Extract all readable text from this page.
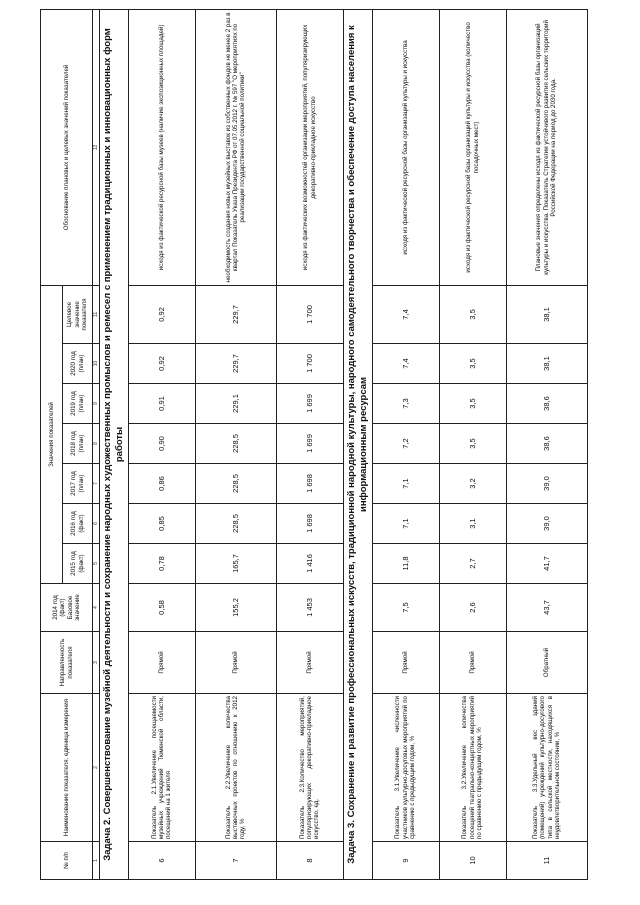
№ п/п	Наименование показателя, единица измерения	Направленность показателя	2014 год (факт) Базовое значение	Значения показателей							Обоснование плановых и целевых значений показателей
				2015 год (факт)	2016 год (факт)	2017 год (план)	2018 год (план)	2019 год (план)	2020 год (план)	Целевое значение показателя	
1	2	3	4	5	6	7	8	9	10	11	12
Задача 2. Совершенствование музейной деятельности и сохранение народных художественных промыслов и ремесел с применением традиционных и инновационных форм работы											
6	Показатель 2.1.Увеличение посещаемости музейных учреждений Тюменской области, посещений на 1 жителя	Прямой	0,58	0,78	0,85	0,86	0,90	0,91	0,92	0,92	исходя из фактической ресурсной базы музеев (наличие экспозиционных площадей)
7	Показатель 2.2.Увеличение количества выставочных проектов по отношению к 2012 году, %	Прямой	155,2	165,7	228,5	228,5	228,5	229,1	229,7	229,7	необходимость создания новых музейных выставок из собственных фондов не менее 2 раз в квартал Показатель Указа Президента РФ от 07.05.2012 г. № 597 "О мероприятиях по реализации государственной социальной политики"
8	Показатель 2.3.Количество мероприятий, популяризирующих декоративно-прикладное искусство, ед.	Прямой	1 453	1 416	1 698	1 698	1 699	1 699	1 700	1 700	исходя из фактических возможностей организации мероприятий, популяризирующих декоративно-прикладное искусство
Задача 3. Сохранение и развитие профессиональных искусств, традиционной народной культуры, народного самодеятельного творчества и обеспечение доступа населения к информационным ресурсам											
9	Показатель 3.1.Увеличение численности участников культурно-досуговых мероприятий по сравнению с предыдущим годом, %	Прямой	7,5	11,8	7,1	7,1	7,2	7,3	7,4	7,4	исходя из фактической ресурсной базы организаций культуры и искусства
10	Показатель 3.2.Увеличение количества посещений театрально-концертных мероприятий по сравнению с предыдущим годом, %	Прямой	2,6	2,7	3,1	3,2	3,5	3,5	3,5	3,5	исходя из фактической ресурсной базы организаций культуры и искусства (количество посадочных мест)
11	Показатель 3.3.Удельный вес зданий (помещений) учреждений культурно-досугового типа в сельской местности, находящихся в неудовлетворительном состоянии, %	Обратный	43,7	41,7	39,0	39,0	38,6	38,6	38,1	38,1	Плановые значения определены исходя из фактической ресурсной базы организаций культуры и искусства. Показатель Стратегии устойчивого развития сельских территорий Российской Федерации на период до 2030 года.
